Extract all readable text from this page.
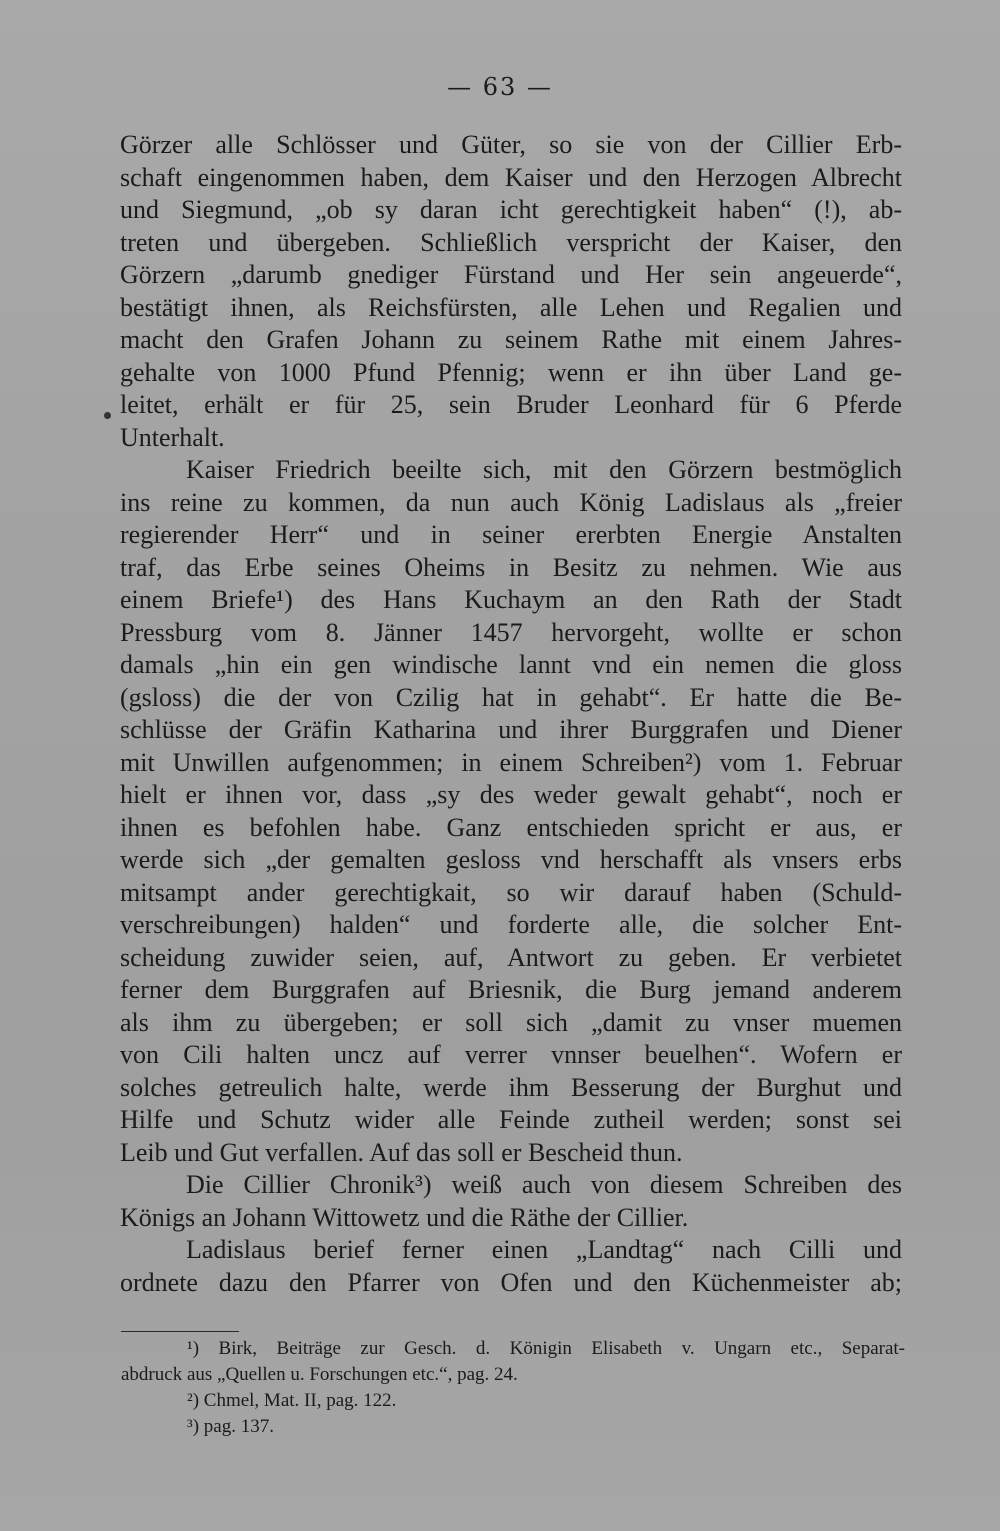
— 63 —
Görzer alle Schlösser und Güter, so sie von der Cillier Erb-
schaft eingenommen haben, dem Kaiser und den Herzogen Albrecht
und Siegmund, „ob sy daran icht gerechtigkeit haben“ (!), ab-
treten und übergeben. Schließlich verspricht der Kaiser, den
Görzern „darumb gnediger Fürstand und Her sein angeuerde“,
bestätigt ihnen, als Reichsfürsten, alle Lehen und Regalien und
macht den Grafen Johann zu seinem Rathe mit einem Jahres-
gehalte von 1000 Pfund Pfennig; wenn er ihn über Land ge-
leitet, erhält er für 25, sein Bruder Leonhard für 6 Pferde
Unterhalt.
Kaiser Friedrich beeilte sich, mit den Görzern bestmöglich
ins reine zu kommen, da nun auch König Ladislaus als „freier
regierender Herr“ und in seiner ererbten Energie Anstalten
traf, das Erbe seines Oheims in Besitz zu nehmen. Wie aus
einem Briefe¹) des Hans Kuchaym an den Rath der Stadt
Pressburg vom 8. Jänner 1457 hervorgeht, wollte er schon
damals „hin ein gen windische lannt vnd ein nemen die gloss
(gsloss) die der von Czilig hat in gehabt“. Er hatte die Be-
schlüsse der Gräfin Katharina und ihrer Burggrafen und Diener
mit Unwillen aufgenommen; in einem Schreiben²) vom 1. Februar
hielt er ihnen vor, dass „sy des weder gewalt gehabt“, noch er
ihnen es befohlen habe. Ganz entschieden spricht er aus, er
werde sich „der gemalten gesloss vnd herschafft als vnsers erbs
mitsampt ander gerechtigkait, so wir darauf haben (Schuld-
verschreibungen) halden“ und forderte alle, die solcher Ent-
scheidung zuwider seien, auf, Antwort zu geben. Er verbietet
ferner dem Burggrafen auf Briesnik, die Burg jemand anderem
als ihm zu übergeben; er soll sich „damit zu vnser muemen
von Cili halten uncz auf verrer vnnser beuelhen“. Wofern er
solches getreulich halte, werde ihm Besserung der Burghut und
Hilfe und Schutz wider alle Feinde zutheil werden; sonst sei
Leib und Gut verfallen. Auf das soll er Bescheid thun.
Die Cillier Chronik³) weiß auch von diesem Schreiben des
Königs an Johann Wittowetz und die Räthe der Cillier.
Ladislaus berief ferner einen „Landtag“ nach Cilli und
ordnete dazu den Pfarrer von Ofen und den Küchenmeister ab;
¹) Birk, Beiträge zur Gesch. d. Königin Elisabeth v. Ungarn etc., Separat-
abdruck aus „Quellen u. Forschungen etc.“, pag. 24.
²) Chmel, Mat. II, pag. 122.
³) pag. 137.
